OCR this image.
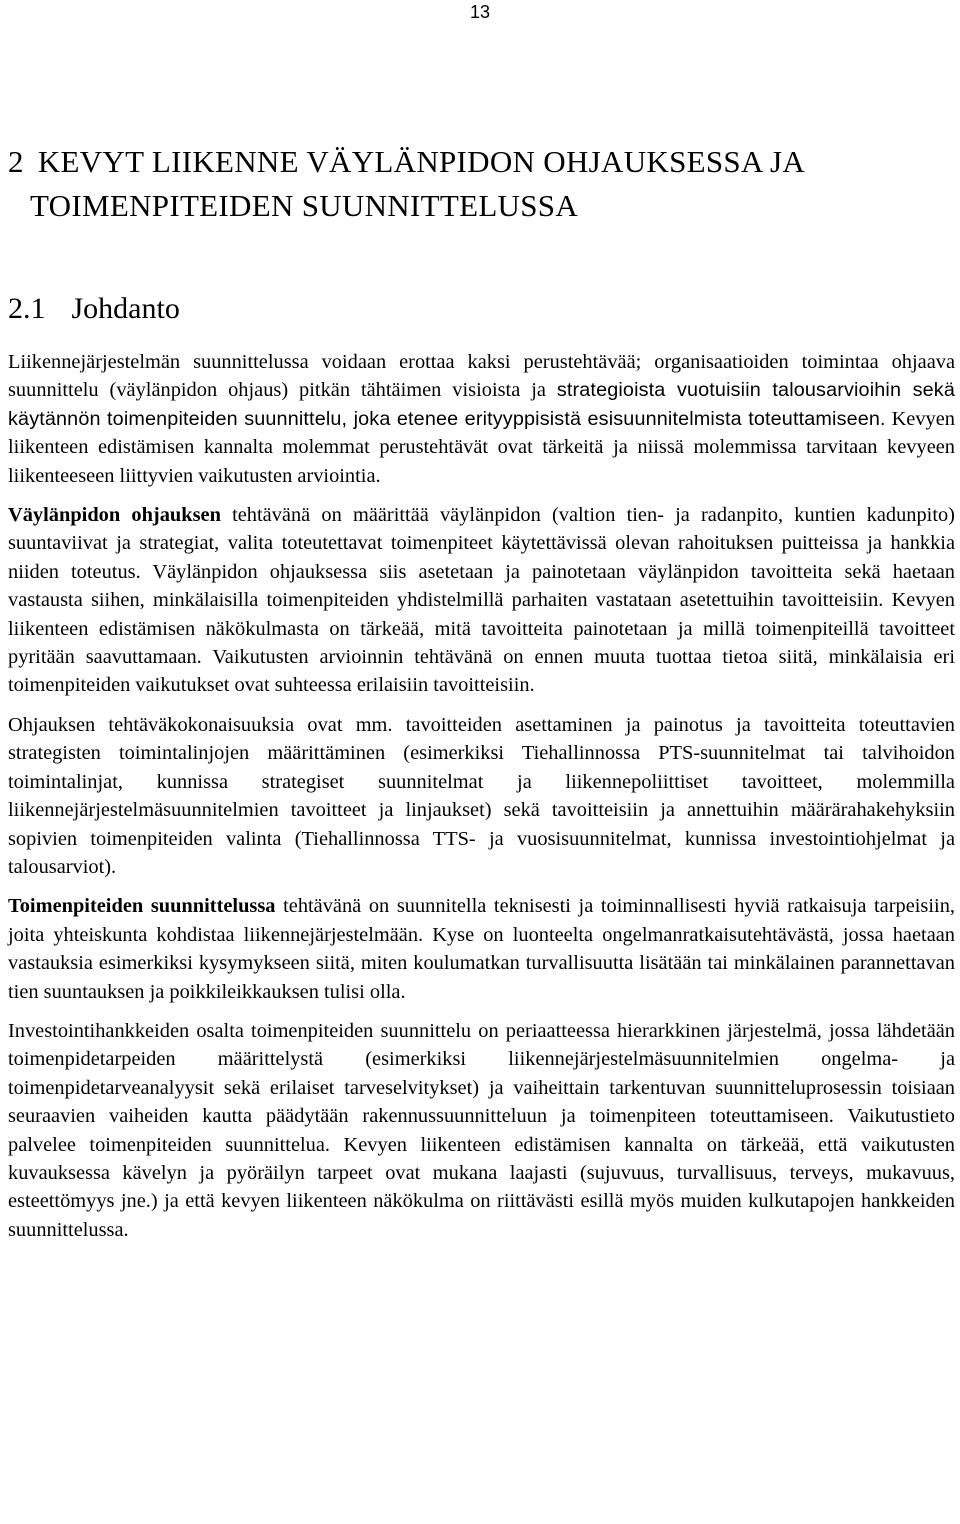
13
2 KEVYT LIIKENNE VÄYLÄNPIDON OHJAUKSESSA JA
TOIMENPITEIDEN SUUNNITTELUSSA
2.1 Johdanto

Liikennejärjestelmän suunnittelussa voidaan erottaa kaksi perustehtävää; organisaatioiden toimintaa ohjaava suunnittelu (väylänpidon ohjaus) pitkän tähtäimen visioista ja strategioista vuotuisiin talousarvioihin sekä käytännön toimenpiteiden suunnittelu, joka etenee erityyppisistä esisuunnitelmista toteuttamiseen. Kevyen liikenteen edistämisen kannalta molemmat perustehtävät ovat tärkeitä ja niissä molemmissa tarvitaan kevyeen liikenteeseen liittyvien vaikutusten arviointia.

Väylänpidon ohjauksen tehtävänä on määrittää väylänpidon (valtion tien- ja radanpito, kuntien kadunpito) suuntaviivat ja strategiat, valita toteutettavat toimenpiteet käytettävissä olevan rahoituksen puitteissa ja hankkia niiden toteutus. Väylänpidon ohjauksessa siis asetetaan ja painotetaan väylänpidon tavoitteita sekä haetaan vastausta siihen, minkälaisilla toimenpiteiden yhdistelmillä parhaiten vastataan asetettuihin tavoitteisiin. Kevyen liikenteen edistämisen näkökulmasta on tärkeää, mitä tavoitteita painotetaan ja millä toimenpiteillä tavoitteet pyritään saavuttamaan. Vaikutusten arvioinnin tehtävänä on ennen muuta tuottaa tietoa siitä, minkälaisia eri toimenpiteiden vaikutukset ovat suhteessa erilaisiin tavoitteisiin.

Ohjauksen tehtäväkokonaisuuksia ovat mm. tavoitteiden asettaminen ja painotus ja tavoitteita toteuttavien strategisten toimintalinjojen määrittäminen (esimerkiksi Tiehallinnossa PTS-suunnitelmat tai talvihoidon toimintalinjat, kunnissa strategiset suunnitelmat ja liikennepoliittiset tavoitteet, molemmilla liikennejärjestelmäsuunnitelmien tavoitteet ja linjaukset) sekä tavoitteisiin ja annettuihin määrärahakehyksiin sopivien toimenpiteiden valinta (Tiehallinnossa TTS- ja vuosisuunnitelmat, kunnissa investointiohjelmat ja talousarviot).

Toimenpiteiden suunnittelussa tehtävänä on suunnitella teknisesti ja toiminnallisesti hyviä ratkaisuja tarpeisiin, joita yhteiskunta kohdistaa liikennejärjestelmään. Kyse on luonteelta ongelmanratkaisutehtävästä, jossa haetaan vastauksia esimerkiksi kysymykseen siitä, miten koulumatkan turvallisuutta lisätään tai minkälainen parannettavan tien suuntauksen ja poikkileikkauksen tulisi olla.

Investointihankkeiden osalta toimenpiteiden suunnittelu on periaatteessa hierarkkinen järjestelmä, jossa lähdetään toimenpidetarpeiden määrittelystä (esimerkiksi liikennejärjestelmäsuunnitelmien ongelma- ja toimenpidetarveanalyysit sekä erilaiset tarveselvitykset) ja vaiheittain tarkentuvan suunnitteluprosessin toisiaan seuraavien vaiheiden kautta päädytään rakennussuunnitteluun ja toimenpiteen toteuttamiseen. Vaikutustieto palvelee toimenpiteiden suunnittelua. Kevyen liikenteen edistämisen kannalta on tärkeää, että vaikutusten kuvauksessa kävelyn ja pyöräilyn tarpeet ovat mukana laajasti (sujuvuus, turvallisuus, terveys, mukavuus, esteettömyys jne.) ja että kevyen liikenteen näkökulma on riittävästi esillä myös muiden kulkutapojen hankkeiden suunnittelussa.
